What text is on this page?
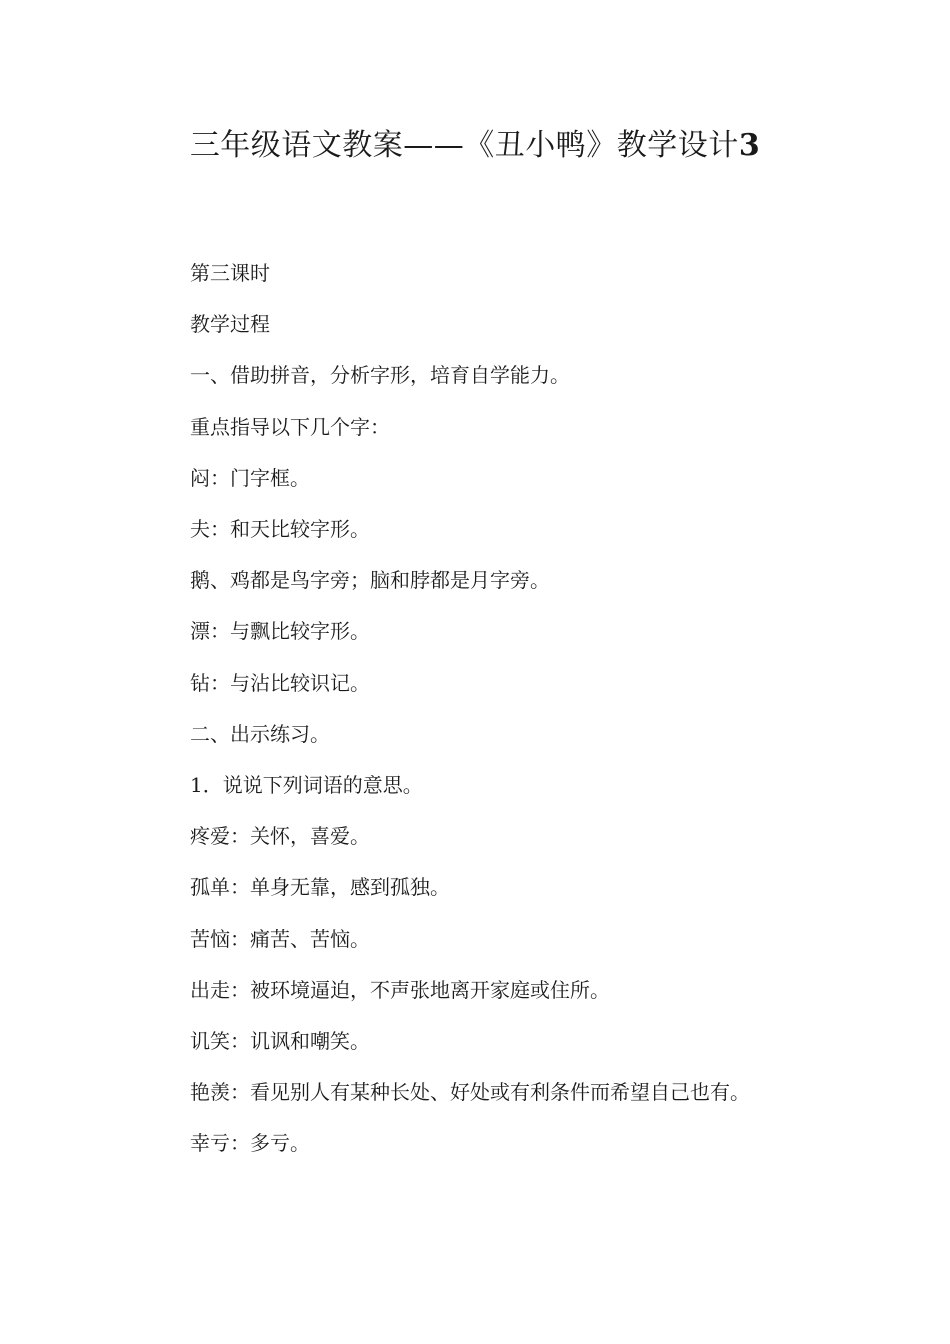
三年级语文教案——《丑小鸭》教学设计3

第三课时

教学过程

一、借助拼音，分析字形，培育自学能力。

重点指导以下几个字：

闷：门字框。

夫：和天比较字形。

鹅、鸡都是鸟字旁；脑和脖都是月字旁。

漂：与飘比较字形。

钻：与沾比较识记。

二、出示练习。

1．说说下列词语的意思。

疼爱：关怀，喜爱。

孤单：单身无靠，感到孤独。

苦恼：痛苦、苦恼。

出走：被环境逼迫，不声张地离开家庭或住所。

讥笑：讥讽和嘲笑。

艳羡：看见别人有某种长处、好处或有利条件而希望自己也有。

幸亏：多亏。
